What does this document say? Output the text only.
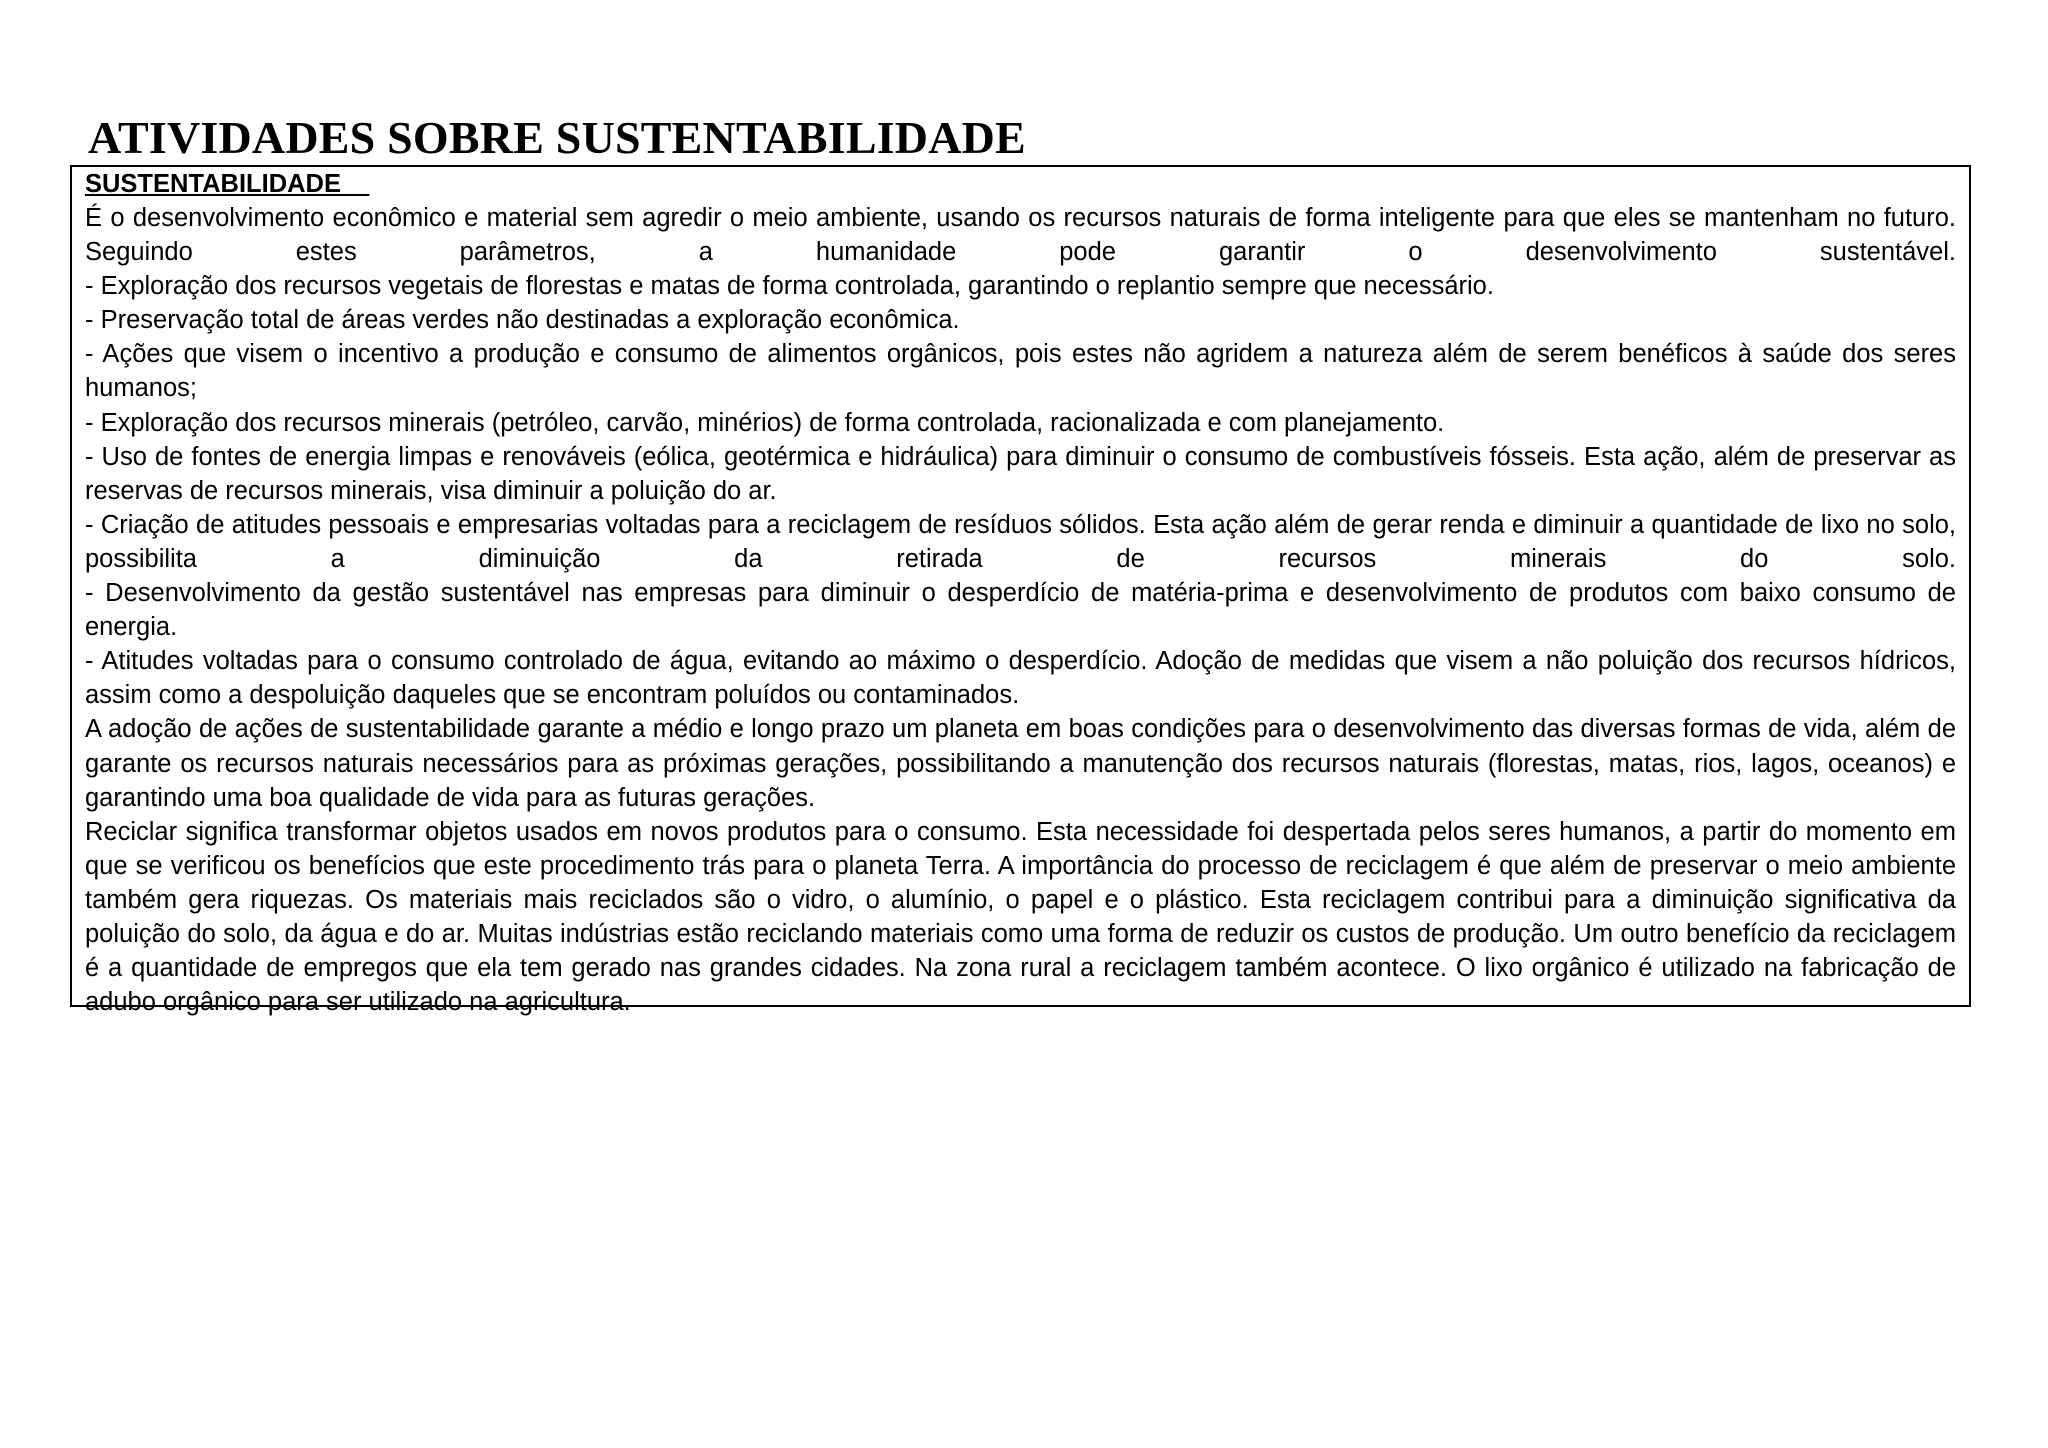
ATIVIDADES SOBRE SUSTENTABILIDADE

SUSTENTABILIDADE

É o desenvolvimento econômico e material sem agredir o meio ambiente, usando os recursos naturais de forma inteligente para que eles se mantenham no futuro. Seguindo estes parâmetros, a humanidade pode garantir o desenvolvimento sustentável.

- Exploração dos recursos vegetais de florestas e matas de forma controlada, garantindo o replantio sempre que necessário.

- Preservação total de áreas verdes não destinadas a exploração econômica.

- Ações que visem o incentivo a produção e consumo de alimentos orgânicos, pois estes não agridem a natureza além de serem benéficos à saúde dos seres humanos;

- Exploração dos recursos minerais (petróleo, carvão, minérios) de forma controlada, racionalizada e com planejamento.

- Uso de fontes de energia limpas e renováveis (eólica, geotérmica e hidráulica) para diminuir o consumo de combustíveis fósseis. Esta ação, além de preservar as reservas de recursos minerais, visa diminuir a poluição do ar.

- Criação de atitudes pessoais e empresarias voltadas para a reciclagem de resíduos sólidos. Esta ação além de gerar renda e diminuir a quantidade de lixo no solo, possibilita a diminuição da retirada de recursos minerais do solo.

- Desenvolvimento da gestão sustentável nas empresas para diminuir o desperdício de matéria-prima e desenvolvimento de produtos com baixo consumo de energia.

- Atitudes voltadas para o consumo controlado de água, evitando ao máximo o desperdício. Adoção de medidas que visem a não poluição dos recursos hídricos, assim como a despoluição daqueles que se encontram poluídos ou contaminados.

A adoção de ações de sustentabilidade garante a médio e longo prazo um planeta em boas condições para o desenvolvimento das diversas formas de vida, além de garante os recursos naturais necessários para as próximas gerações, possibilitando a manutenção dos recursos naturais (florestas, matas, rios, lagos, oceanos) e garantindo uma boa qualidade de vida para as futuras gerações.

Reciclar significa transformar objetos usados em novos produtos para o consumo. Esta necessidade foi despertada pelos seres humanos, a partir do momento em que se verificou os benefícios que este procedimento trás para o planeta Terra. A importância do processo de reciclagem é que além de preservar o meio ambiente também gera riquezas. Os materiais mais reciclados são o vidro, o alumínio, o papel e o plástico. Esta reciclagem contribui para a diminuição significativa da poluição do solo, da água e do ar. Muitas indústrias estão reciclando materiais como uma forma de reduzir os custos de produção. Um outro benefício da reciclagem é a quantidade de empregos que ela tem gerado nas grandes cidades. Na zona rural a reciclagem também acontece. O lixo orgânico é utilizado na fabricação de adubo orgânico para ser utilizado na agricultura.
